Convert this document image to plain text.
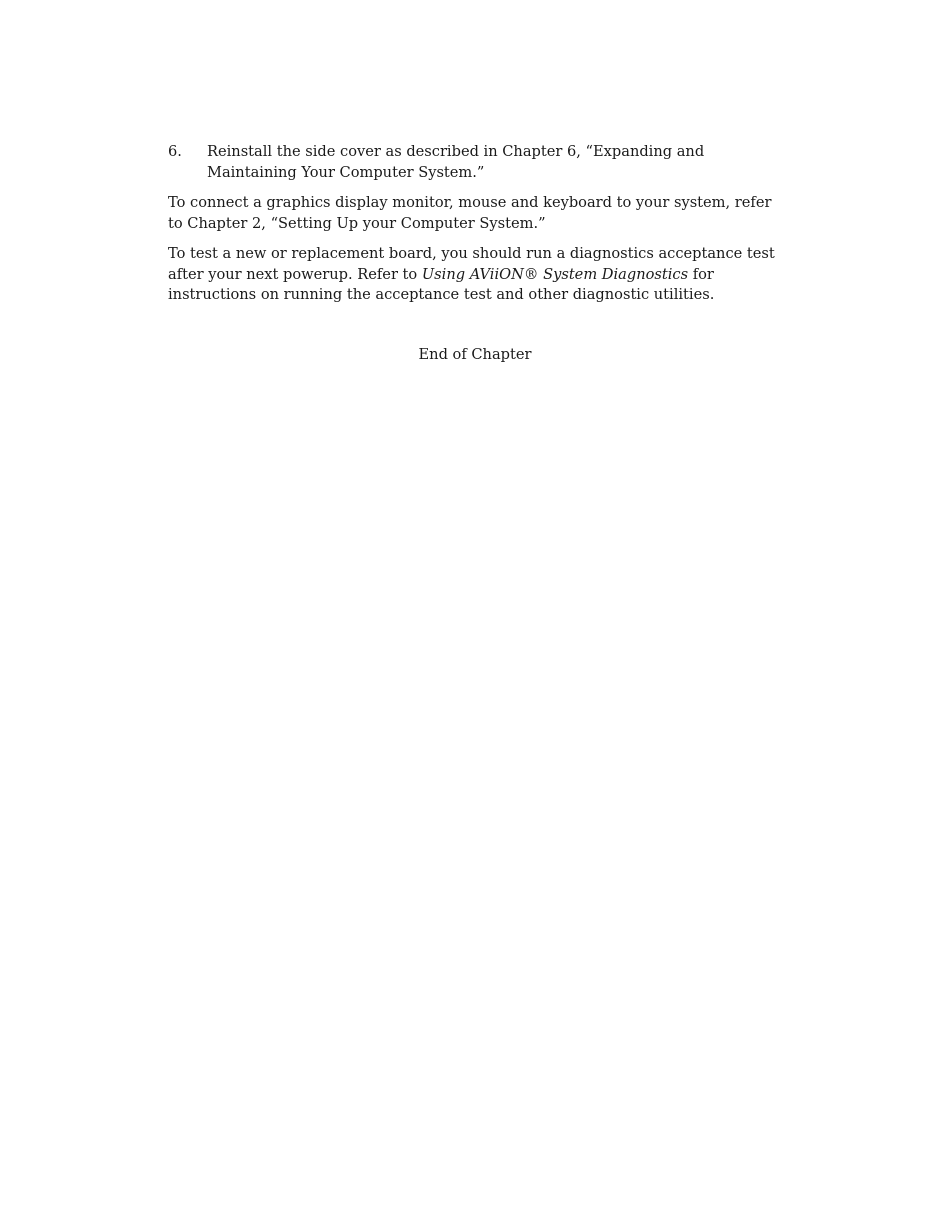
6. Reinstall the side cover as described in Chapter 6, “Expanding and Maintaining Your Computer System.”

To connect a graphics display monitor, mouse and keyboard to your system, refer to Chapter 2, “Setting Up your Computer System.”

To test a new or replacement board, you should run a diagnostics acceptance test after your next powerup. Refer to Using AViiON® System Diagnostics for instructions on running the acceptance test and other diagnostic utilities.

End of Chapter
